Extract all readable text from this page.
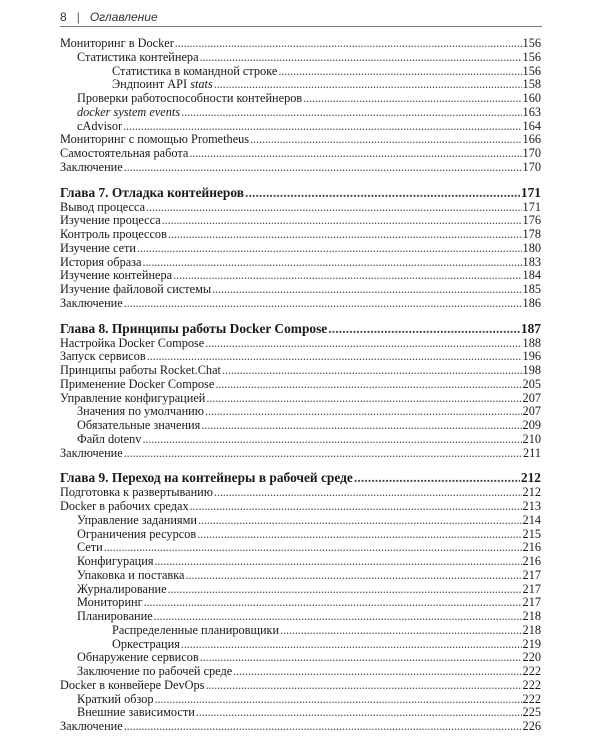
8 | Оглавление
Мониторинг в Docker . . .	156
Статистика контейнера . . .	156
Статистика в командной строке . . .	156
Эндпоинт API stats . . .	158
Проверки работоспособности контейнеров . . .	160
docker system events . . .	163
cAdvisor . . .	164
Мониторинг с помощью Prometheus . . .	166
Самостоятельная работа . . .	170
Заключение . . .	170
Глава 7. Отладка контейнеров . . .	171
Вывод процесса . . .	171
Изучение процесса . . .	176
Контроль процессов . . .	178
Изучение сети . . .	180
История образа . . .	183
Изучение контейнера . . .	184
Изучение файловой системы . . .	185
Заключение . . .	186
Глава 8. Принципы работы Docker Compose . . .	187
Настройка Docker Compose . . .	188
Запуск сервисов . . .	196
Принципы работы Rocket.Chat . . .	198
Применение Docker Compose . . .	205
Управление конфигурацией . . .	207
Значения по умолчанию . . .	207
Обязательные значения . . .	209
Файл dotenv . . .	210
Заключение . . .	211
Глава 9. Переход на контейнеры в рабочей среде . . .	212
Подготовка к развертыванию . . .	212
Docker в рабочих средах . . .	213
Управление заданиями . . .	214
Ограничения ресурсов . . .	215
Сети . . .	216
Конфигурация . . .	216
Упаковка и поставка . . .	217
Журналирование . . .	217
Мониторинг . . .	217
Планирование . . .	218
Распределенные планировщики . . .	218
Оркестрация . . .	219
Обнаружение сервисов . . .	220
Заключение по рабочей среде . . .	222
Docker в конвейере DevOps . . .	222
Краткий обзор . . .	222
Внешние зависимости . . .	225
Заключение . . .	226
